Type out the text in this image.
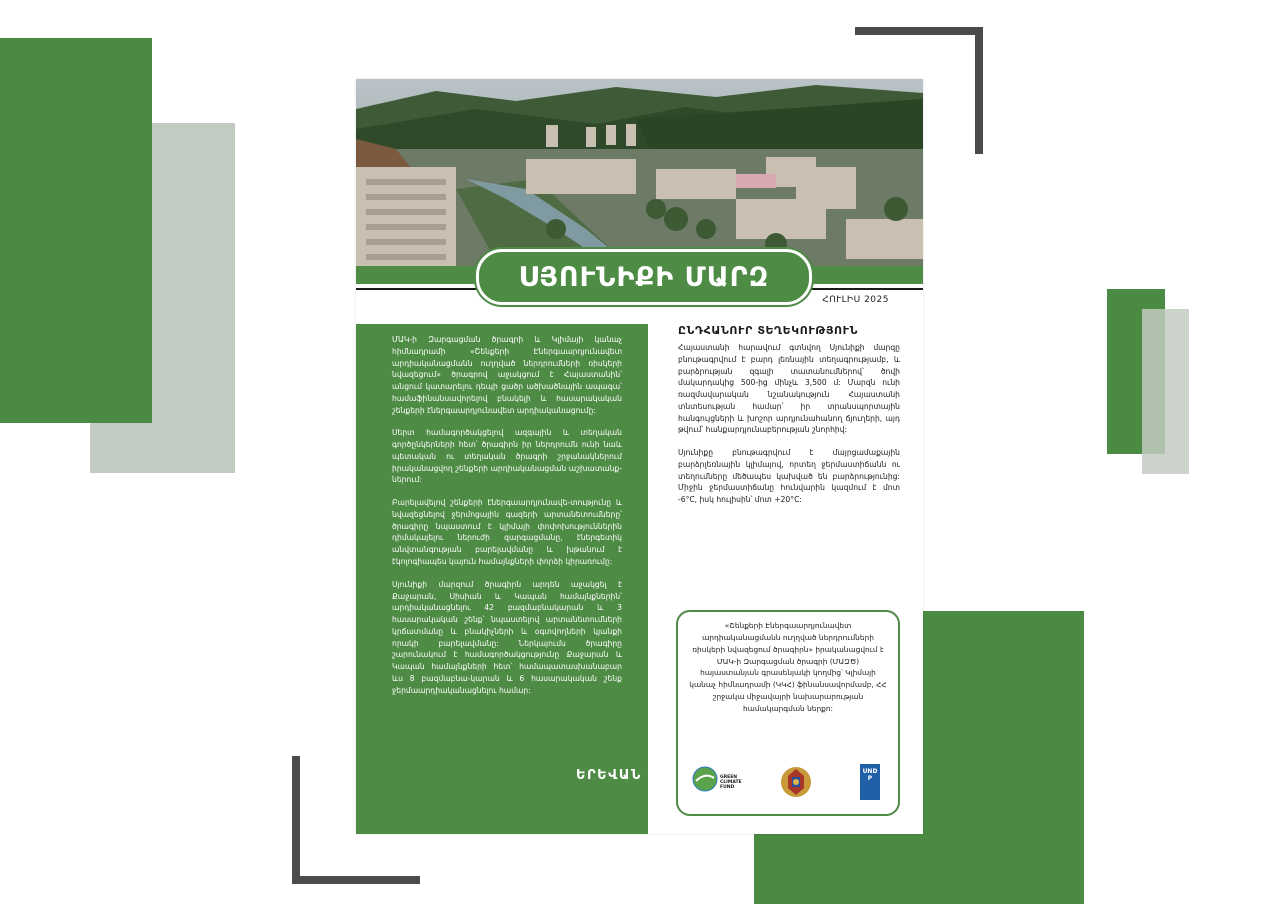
ՍՅՈՒՆԻՔԻ ՄԱՐԶ
ՀՈՒԼԻՍ 2025

ՄԱԿ-ի Զարգացման ծրագրի և Կլիմայի կանաչ հիմնադրամի «Շենքերի Էներգաարդյունավետ արդիականացմանն ուղղված ներդրումների ռիսկերի նվազեցում» ծրագրով աջակցում է Հայաստանին՝ անցում կատարելու դեպի ցածր ածխածնային ապագա՝ համաֆինանսավորելով բնակելի և հասարակական շենքերի էներգաարդյունավետ արդիականացումը:

Սերտ համագործակցելով ազգային և տեղական գործընկերների հետ՝ ծրագիրն իր ներդրումն ունի նաև պետական ու տեղական ծրագրի շրջանակներում իրականացվող շենքերի արդիականացման աշխատանք-ներում:

Բարելավելով շենքերի էներգաարդյունավե-տությունը և նվազեցնելով ջերմոցային գազերի արտանետումները՝ ծրագիրը նպաստում է կլիմայի փոփոխություններին դիմակայելու ներուժի զարգացմանը, էներգետիկ անվտանգության բարելավմանը և խթանում է էկոլոգիապես կայուն համայնքների փորձի կիրառումը:

Սյունիքի մարզում ծրագիրն արդեն աջակցել է Քաջարան, Սիսիան և Կապան համայնքներին՝ արդիականացնելու 42 բազմաբնակարան և 3 հասարակական շենք՝ նպաստելով արտանետումների կրճատմանը և բնակիչների և օգտվողների կյանքի որակի բարելավմանը: Ներկայումս ծրագիրը շարունակում է համագործակցությունը Քաջարան և Կապան համայնքների հետ՝ համապատասխանաբար ևս 8 բազմաբնա-կարան և 6 հասարակական շենք ջերմաարդիականացնելու համար:

ԸՆԴՀԱՆՈՒՐ ՏԵՂԵԿՈՒԹՅՈՒՆ

Հայաստանի հարավում գտնվող Սյունիքի մարզը բնութագրվում է բարդ լեռնային տեղագրությամբ, և բարձրության զգալի տատանումներով՝ ծովի մակարդակից 500-ից մինչև 3,500 մ: Մարզն ունի ռազմավարական նշանակություն Հայաստանի տնտեսության համար՝ իր տրանսպորտային հանգույցների և խոշոր արդյունահանող ճյուղերի, այդ թվում՝ հանքարդյունաբերության շնորհիվ:

Սյունիքը բնութագրվում է մայրցամաքային բարձրլեռնային կլիմայով, որտեղ ջերմաստիճանն ու տեղումները մեծապես կախված են բարձրությունից: Միջին ջերմաստիճանը հունվարին կազմում է մոտ -6°C, իսկ հուլիսին՝ մոտ +20°C:

«Շենքերի Էներգաարդյունավետ արդիականացմանն ուղղված ներդրումների ռիսկերի նվազեցում ծրագիրն» իրականացվում է ՄԱԿ-ի Զարգացման ծրագրի (ՄԱԶԾ) հայաստանյան գրասենյակի կողմից՝ Կլիմայի կանաչ հիմնադրամի (ԿԿՀ) ֆինանսավորմամբ, ՀՀ շրջակա միջավայրի նախարարության համակարգման ներքո:
GREEN CLIMATE FUND
UNDP
ԵՐԵՎԱՆ
